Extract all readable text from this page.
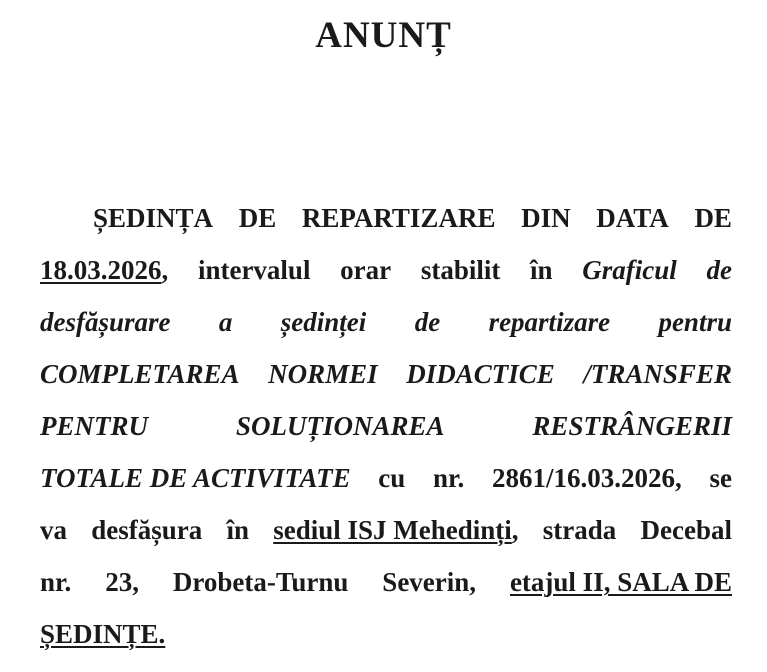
ANUNȚ
ȘEDINȚA DE REPARTIZARE DIN DATA DE
18.03.2026, intervalul orar stabilit în Graficul de
desfășurare a ședinței de repartizare pentru
COMPLETAREA NORMEI DIDACTICE /TRANSFER
PENTRU	SOLUȚIONAREA	RESTRÂNGERII
TOTALE DE ACTIVITATE cu nr. 2861/16.03.2026, se
va desfășura în sediul ISJ Mehedinți, strada Decebal
nr. 23, Drobeta-Turnu Severin, etajul II, SALA DE
ȘEDINȚE.
